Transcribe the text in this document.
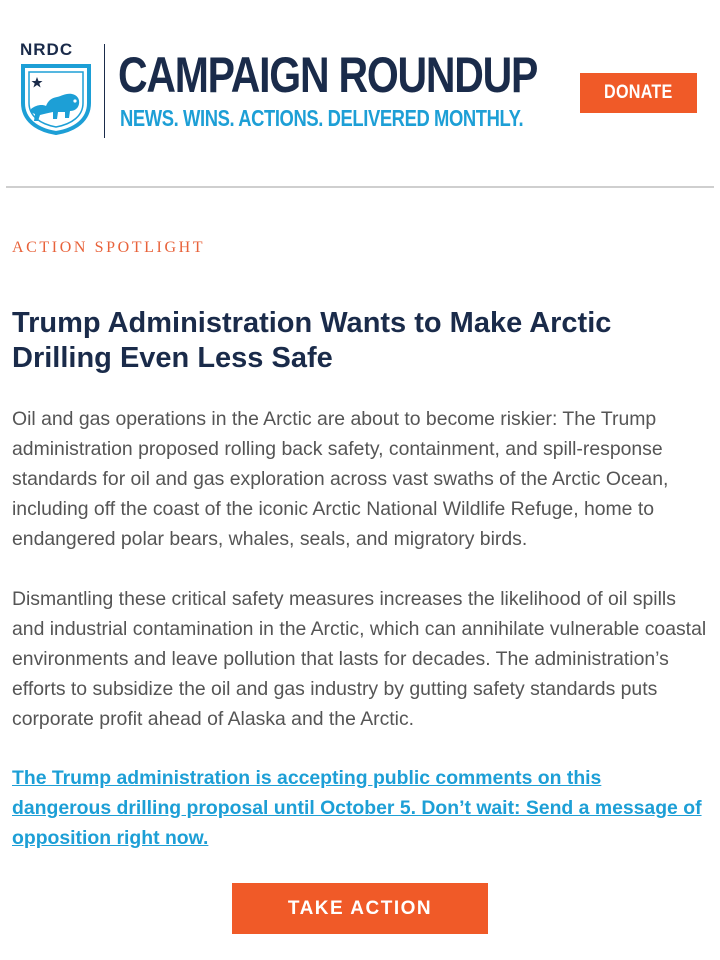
NRDC CAMPAIGN ROUNDUP
NEWS. WINS. ACTIONS. DELIVERED MONTHLY.
DONATE
ACTION SPOTLIGHT
Trump Administration Wants to Make Arctic Drilling Even Less Safe

Oil and gas operations in the Arctic are about to become riskier: The Trump administration proposed rolling back safety, containment, and spill-response standards for oil and gas exploration across vast swaths of the Arctic Ocean, including off the coast of the iconic Arctic National Wildlife Refuge, home to endangered polar bears, whales, seals, and migratory birds.

Dismantling these critical safety measures increases the likelihood of oil spills and industrial contamination in the Arctic, which can annihilate vulnerable coastal environments and leave pollution that lasts for decades. The administration’s efforts to subsidize the oil and gas industry by gutting safety standards puts corporate profit ahead of Alaska and the Arctic.

The Trump administration is accepting public comments on this dangerous drilling proposal until October 5. Don’t wait: Send a message of opposition right now.
TAKE ACTION
